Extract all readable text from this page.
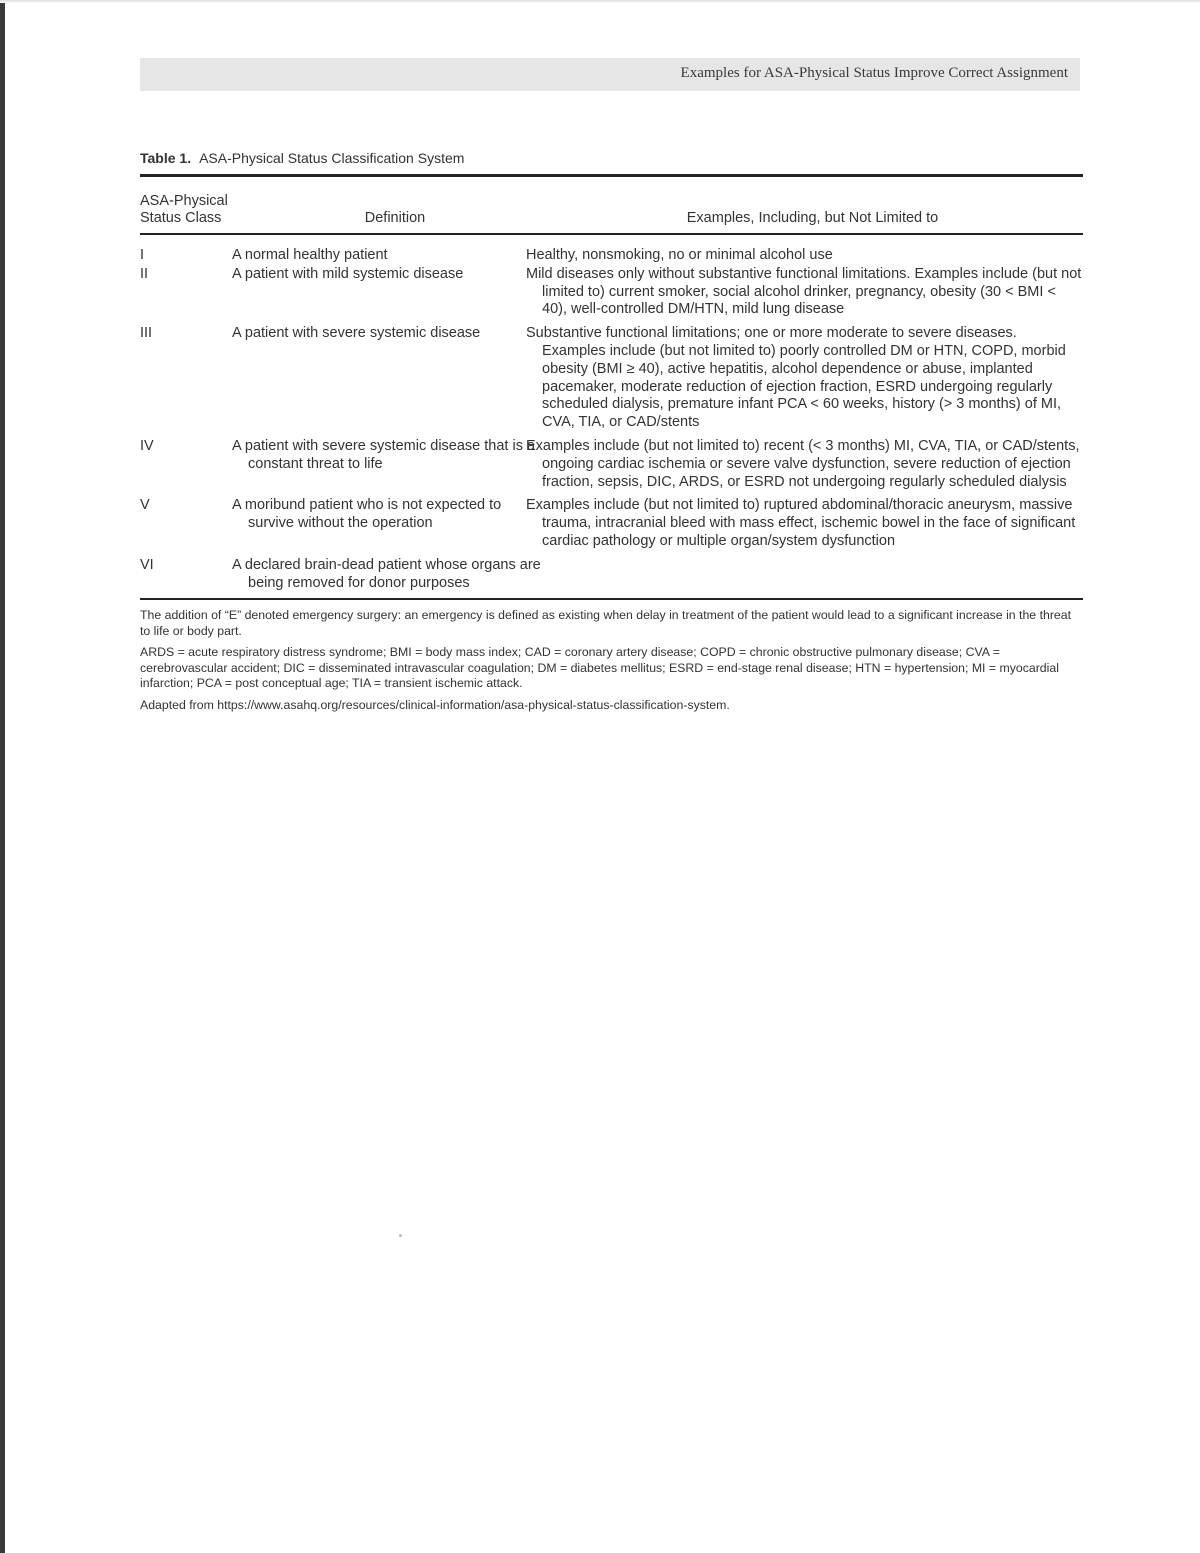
Examples for ASA-Physical Status Improve Correct Assignment
Table 1. ASA-Physical Status Classification System
ASA-Physical
Status Class	Definition	Examples, Including, but Not Limited to

I	A normal healthy patient	Healthy, nonsmoking, no or minimal alcohol use
II	A patient with mild systemic disease	Mild diseases only without substantive functional limitations. Examples include (but not limited to) current smoker, social alcohol drinker, pregnancy, obesity (30 < BMI < 40), well-controlled DM/HTN, mild lung disease
III	A patient with severe systemic disease	Substantive functional limitations; one or more moderate to severe diseases. Examples include (but not limited to) poorly controlled DM or HTN, COPD, morbid obesity (BMI ≥ 40), active hepatitis, alcohol dependence or abuse, implanted pacemaker, moderate reduction of ejection fraction, ESRD undergoing regularly scheduled dialysis, premature infant PCA < 60 weeks, history (> 3 months) of MI, CVA, TIA, or CAD/stents
IV	A patient with severe systemic disease that is a constant threat to life	Examples include (but not limited to) recent (< 3 months) MI, CVA, TIA, or CAD/stents, ongoing cardiac ischemia or severe valve dysfunction, severe reduction of ejection fraction, sepsis, DIC, ARDS, or ESRD not undergoing regularly scheduled dialysis
V	A moribund patient who is not expected to survive without the operation	Examples include (but not limited to) ruptured abdominal/thoracic aneurysm, massive trauma, intracranial bleed with mass effect, ischemic bowel in the face of significant cardiac pathology or multiple organ/system dysfunction
VI	A declared brain-dead patient whose organs are being removed for donor purposes	

The addition of “E” denoted emergency surgery: an emergency is defined as existing when delay in treatment of the patient would lead to a significant increase in the threat to life or body part.

ARDS = acute respiratory distress syndrome; BMI = body mass index; CAD = coronary artery disease; COPD = chronic obstructive pulmonary disease; CVA = cerebrovascular accident; DIC = disseminated intravascular coagulation; DM = diabetes mellitus; ESRD = end-stage renal disease; HTN = hypertension; MI = myocardial infarction; PCA = post conceptual age; TIA = transient ischemic attack.

Adapted from https://www.asahq.org/resources/clinical-information/asa-physical-status-classification-system.
